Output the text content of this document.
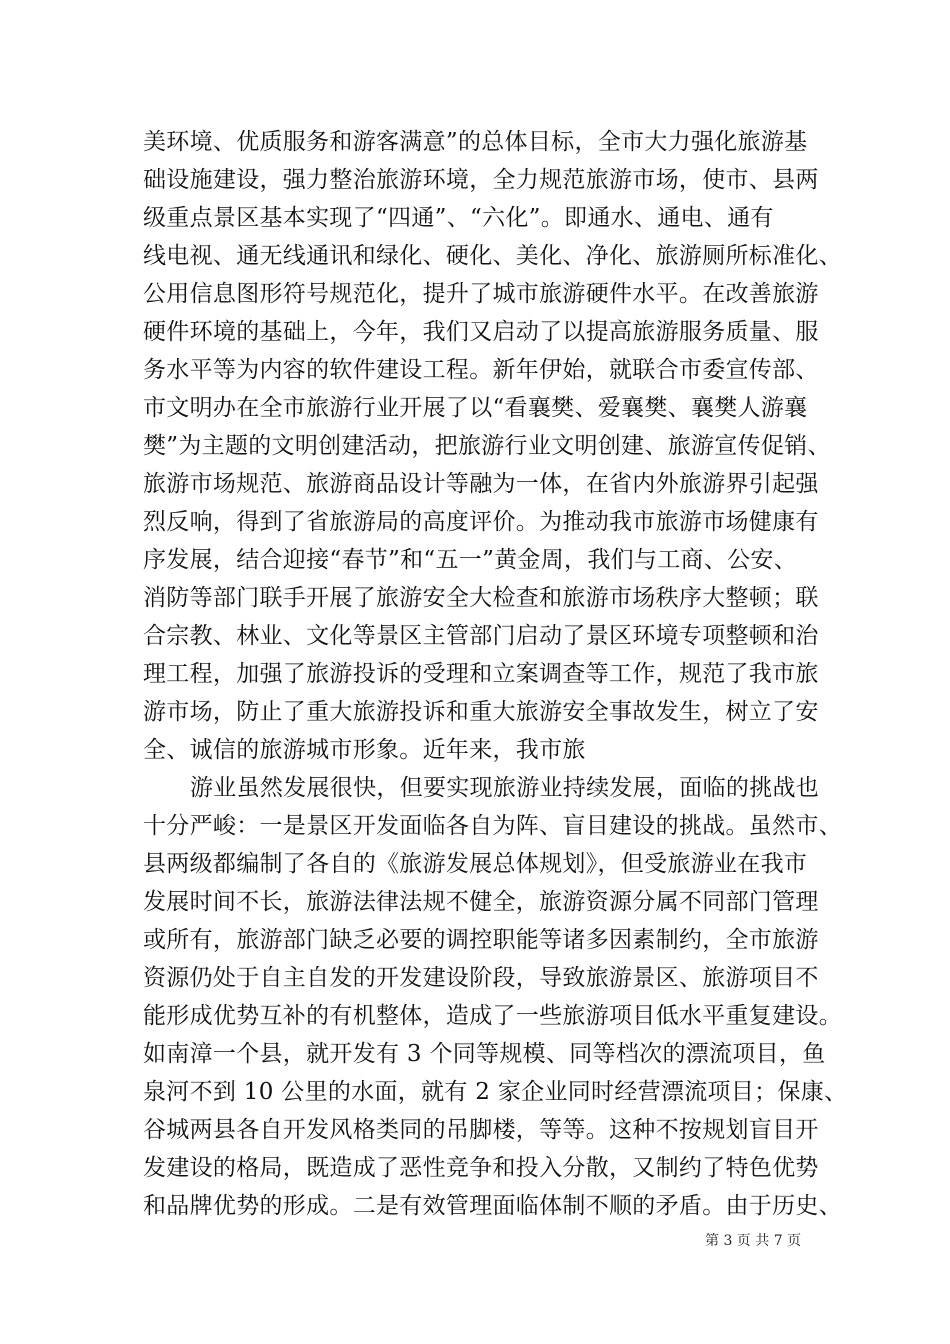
美环境、优质服务和游客满意”的总体目标，全市大力强化旅游基
础设施建设，强力整治旅游环境，全力规范旅游市场，使市、县两
级重点景区基本实现了“四通”、“六化”。即通水、通电、通有
线电视、通无线通讯和绿化、硬化、美化、净化、旅游厕所标准化、
公用信息图形符号规范化，提升了城市旅游硬件水平。在改善旅游
硬件环境的基础上，今年，我们又启动了以提高旅游服务质量、服
务水平等为内容的软件建设工程。新年伊始，就联合市委宣传部、
市文明办在全市旅游行业开展了以“看襄樊、爱襄樊、襄樊人游襄
樊”为主题的文明创建活动，把旅游行业文明创建、旅游宣传促销、
旅游市场规范、旅游商品设计等融为一体，在省内外旅游界引起强
烈反响，得到了省旅游局的高度评价。为推动我市旅游市场健康有
序发展，结合迎接“春节”和“五一”黄金周，我们与工商、公安、
消防等部门联手开展了旅游安全大检查和旅游市场秩序大整顿；联
合宗教、林业、文化等景区主管部门启动了景区环境专项整顿和治
理工程，加强了旅游投诉的受理和立案调查等工作，规范了我市旅
游市场，防止了重大旅游投诉和重大旅游安全事故发生，树立了安
全、诚信的旅游城市形象。近年来，我市旅
游业虽然发展很快，但要实现旅游业持续发展，面临的挑战也
十分严峻：一是景区开发面临各自为阵、盲目建设的挑战。虽然市、
县两级都编制了各自的《旅游发展总体规划》，但受旅游业在我市
发展时间不长，旅游法律法规不健全，旅游资源分属不同部门管理
或所有，旅游部门缺乏必要的调控职能等诸多因素制约，全市旅游
资源仍处于自主自发的开发建设阶段，导致旅游景区、旅游项目不
能形成优势互补的有机整体，造成了一些旅游项目低水平重复建设。
如南漳一个县，就开发有 3 个同等规模、同等档次的漂流项目，鱼
泉河不到 10 公里的水面，就有 2 家企业同时经营漂流项目；保康、
谷城两县各自开发风格类同的吊脚楼，等等。这种不按规划盲目开
发建设的格局，既造成了恶性竞争和投入分散，又制约了特色优势
和品牌优势的形成。二是有效管理面临体制不顺的矛盾。由于历史、
第 3 页 共 7 页
